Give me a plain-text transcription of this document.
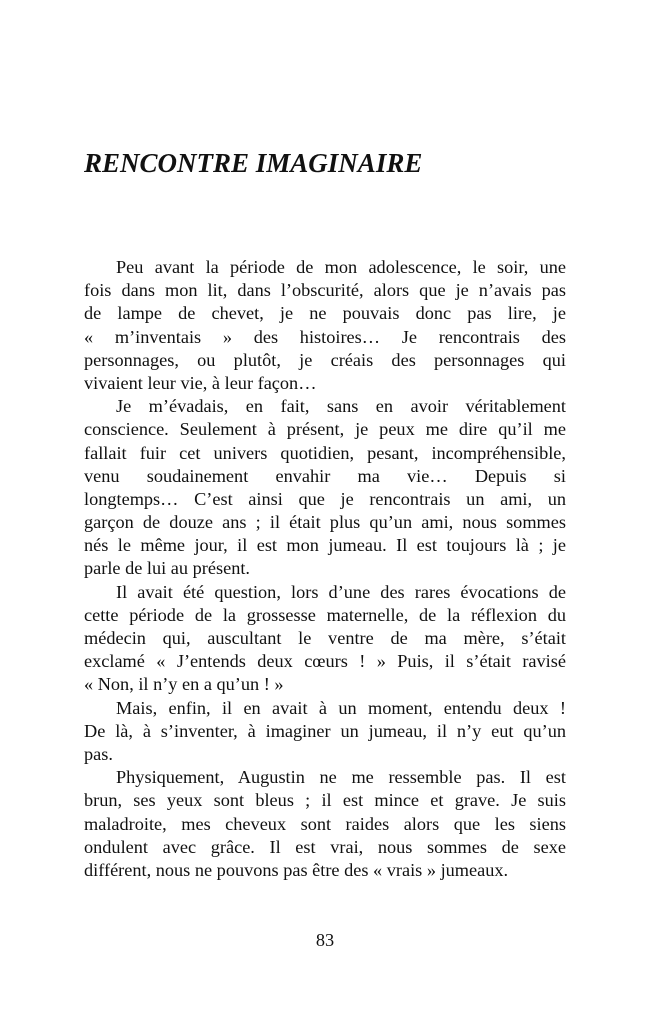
RENCONTRE IMAGINAIRE
Peu avant la période de mon adolescence, le soir, une
fois dans mon lit, dans l’obscurité, alors que je n’avais pas
de lampe de chevet, je ne pouvais donc pas lire, je
« m’inventais » des histoires… Je rencontrais des
personnages, ou plutôt, je créais des personnages qui
vivaient leur vie, à leur façon…
Je m’évadais, en fait, sans en avoir véritablement
conscience. Seulement à présent, je peux me dire qu’il me
fallait fuir cet univers quotidien, pesant, incompréhensible,
venu soudainement envahir ma vie… Depuis si
longtemps… C’est ainsi que je rencontrais un ami, un
garçon de douze ans ; il était plus qu’un ami, nous sommes
nés le même jour, il est mon jumeau. Il est toujours là ; je
parle de lui au présent.
Il avait été question, lors d’une des rares évocations de
cette période de la grossesse maternelle, de la réflexion du
médecin qui, auscultant le ventre de ma mère, s’était
exclamé « J’entends deux cœurs ! » Puis, il s’était ravisé
« Non, il n’y en a qu’un ! »
Mais, enfin, il en avait à un moment, entendu deux !
De là, à s’inventer, à imaginer un jumeau, il n’y eut qu’un
pas.
Physiquement, Augustin ne me ressemble pas. Il est
brun, ses yeux sont bleus ; il est mince et grave. Je suis
maladroite, mes cheveux sont raides alors que les siens
ondulent avec grâce. Il est vrai, nous sommes de sexe
différent, nous ne pouvons pas être des « vrais » jumeaux.
83
